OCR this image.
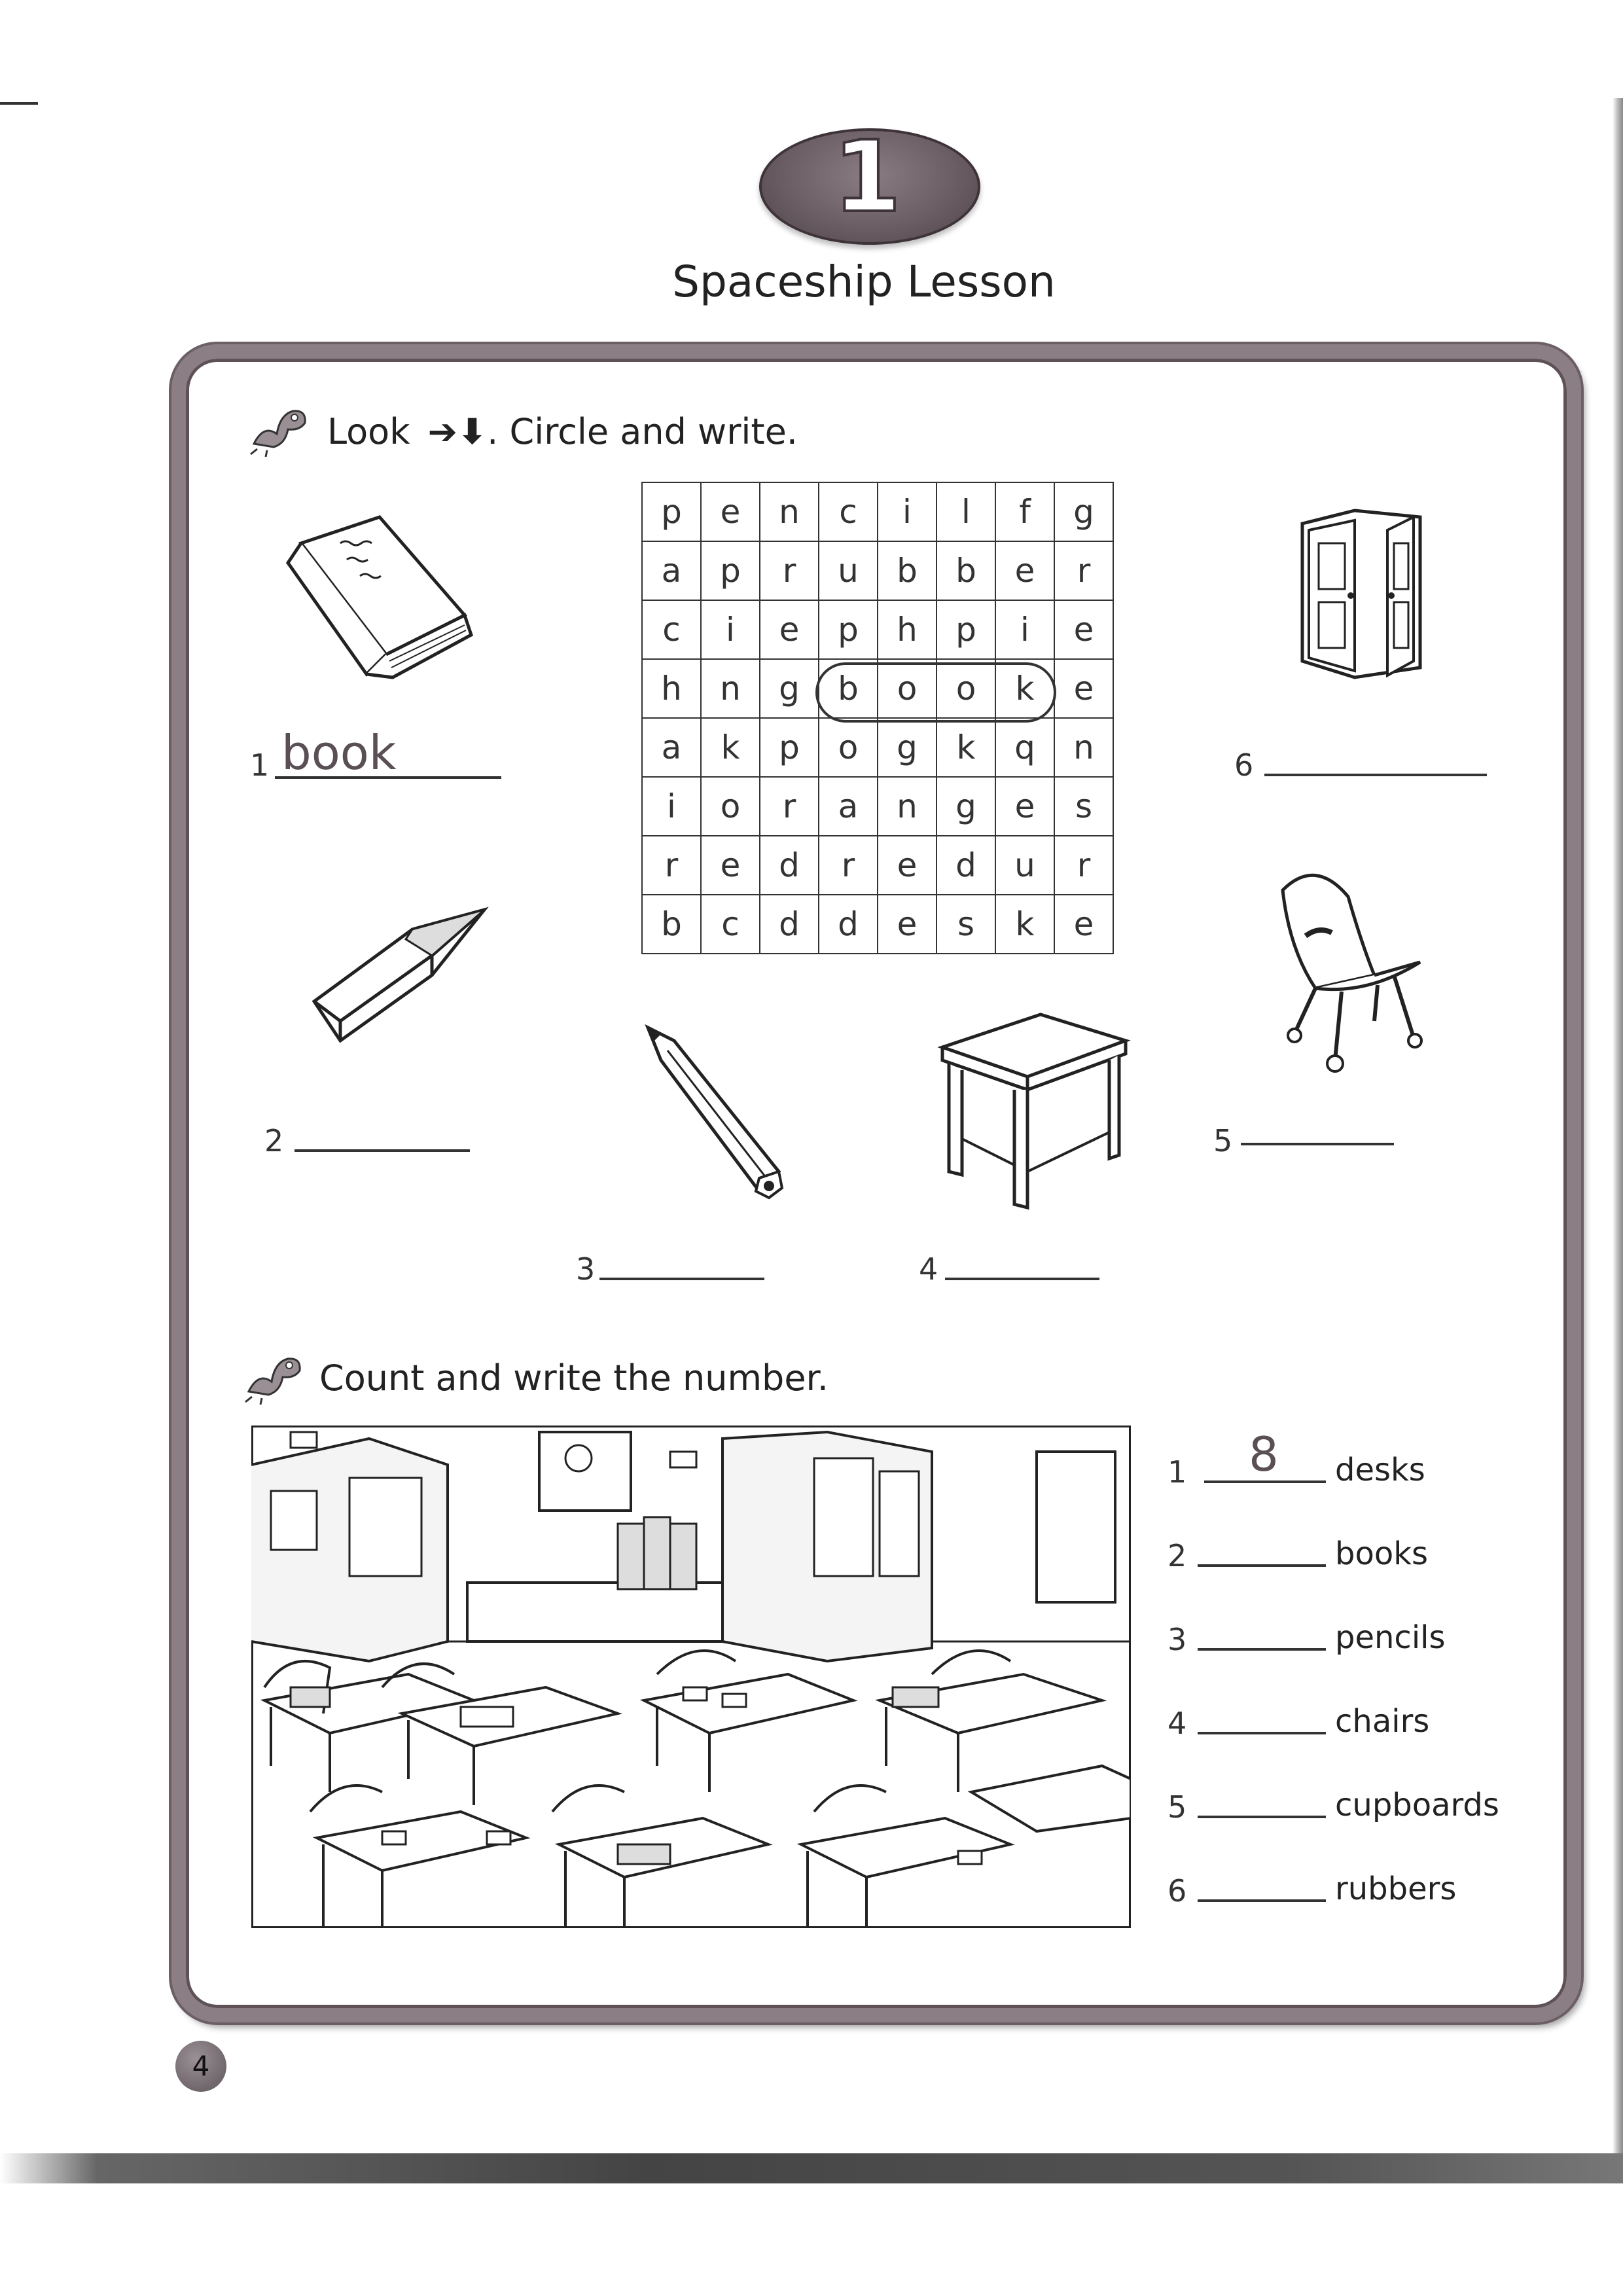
1
Spaceship Lesson
Look ➔⬇. Circle and write.
p	e	n	c	i	l	f	g
a	p	r	u	b	b	e	r
c	i	e	p	h	p	i	e
h	n	g	b	o	o	k	e
a	k	p	o	g	k	q	n
i	o	r	a	n	g	e	s
r	e	d	r	e	d	u	r
b	c	d	d	e	s	k	e
1 book
2
3	4
5
6
Count and write the number.
1 8 desks
2	books
3	pencils
4	chairs
5	cupboards
6	rubbers
4
